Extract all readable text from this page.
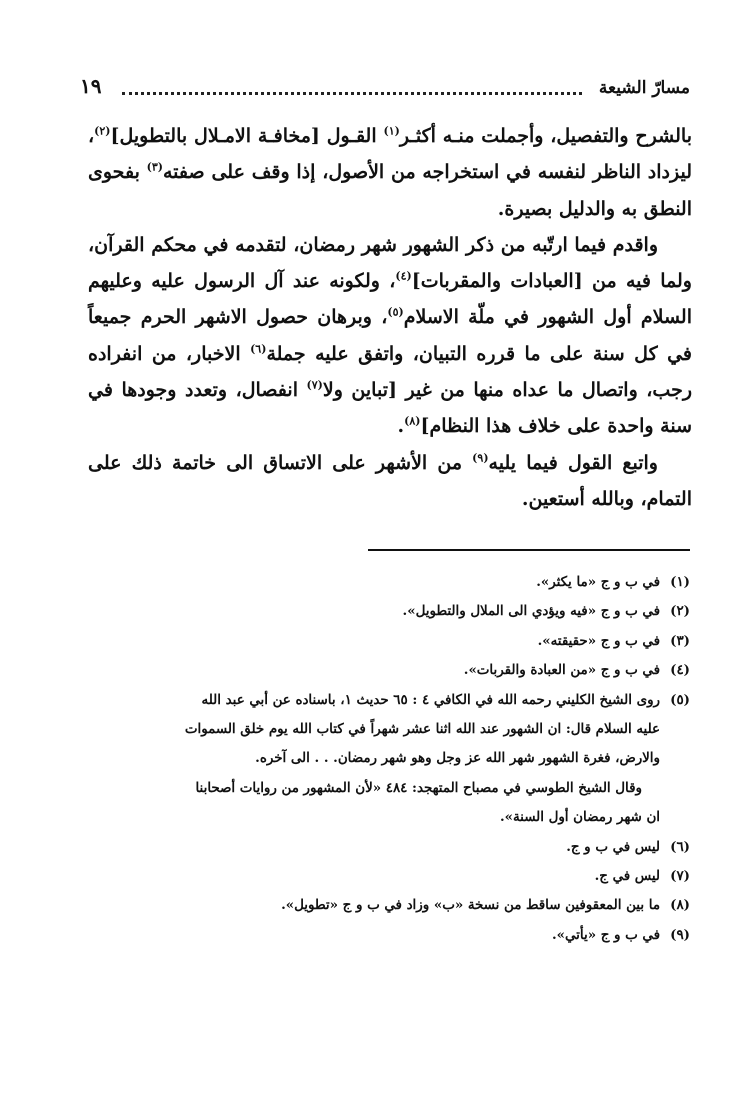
مسارّ الشيعة
١٩

بالشرح والتفصيل، وأجملت منـه أكثـر$^{(١)}$ القـول [مخافـة الامـلال بالتطويل]$^{(٢)}$، ليزداد الناظر لنفسه في استخراجه من الأصول، إذا وقف على صفته$^{(٣)}$ بفحوى النطق به والدليل بصيرة.

واقدم فيما ارتّبه من ذكر الشهور شهر رمضان، لتقدمه في محكم القرآن، ولما فيه من [العبادات والمقربات]$^{(٤)}$، ولكونه عند آل الرسول عليه وعليهم السلام أول الشهور في ملّة الاسلام$^{(٥)}$، وبرهان حصول الاشهر الحرم جميعاً في كل سنة على ما قرره التبيان، واتفق عليه جملة$^{(٦)}$ الاخبار، من انفراده رجب، واتصال ما عداه منها من غير [تباين ولا$^{(٧)}$ انفصال، وتعدد وجودها في سنة واحدة على خلاف هذا النظام]$^{(٨)}$.

واتبع القول فيما يليه$^{(٩)}$ من الأشهر على الاتساق الى خاتمة ذلك على التمام، وبالله أستعين.

(١)
في ب و ج «ما يكثر».
(٢)
في ب و ج «فيه ويؤدي الى الملال والتطويل».
(٣)
في ب و ج «حقيقته».
(٤)
في ب و ج «من العبادة والقربات».
(٥)
روى الشيخ الكليني رحمه الله في الكافي ٤ : ٦٥ حديث ١، باسناده عن أبي عبد الله
عليه السلام قال: ان الشهور عند الله اثنا عشر شهراً في كتاب الله يوم خلق السموات
والارض، فغرة الشهور شهر الله عز وجل وهو شهر رمضان. . . الى آخره.
وقال الشيخ الطوسي في مصباح المتهجد: ٤٨٤ «لأن المشهور من روايات أصحابنا
ان شهر رمضان أول السنة».
(٦)
ليس في ب و ج.
(٧)
ليس في ج.
(٨)
ما بين المعقوفين ساقط من نسخة «ب» وزاد في ب و ج «تطويل».
(٩)
في ب و ج «يأتي».
